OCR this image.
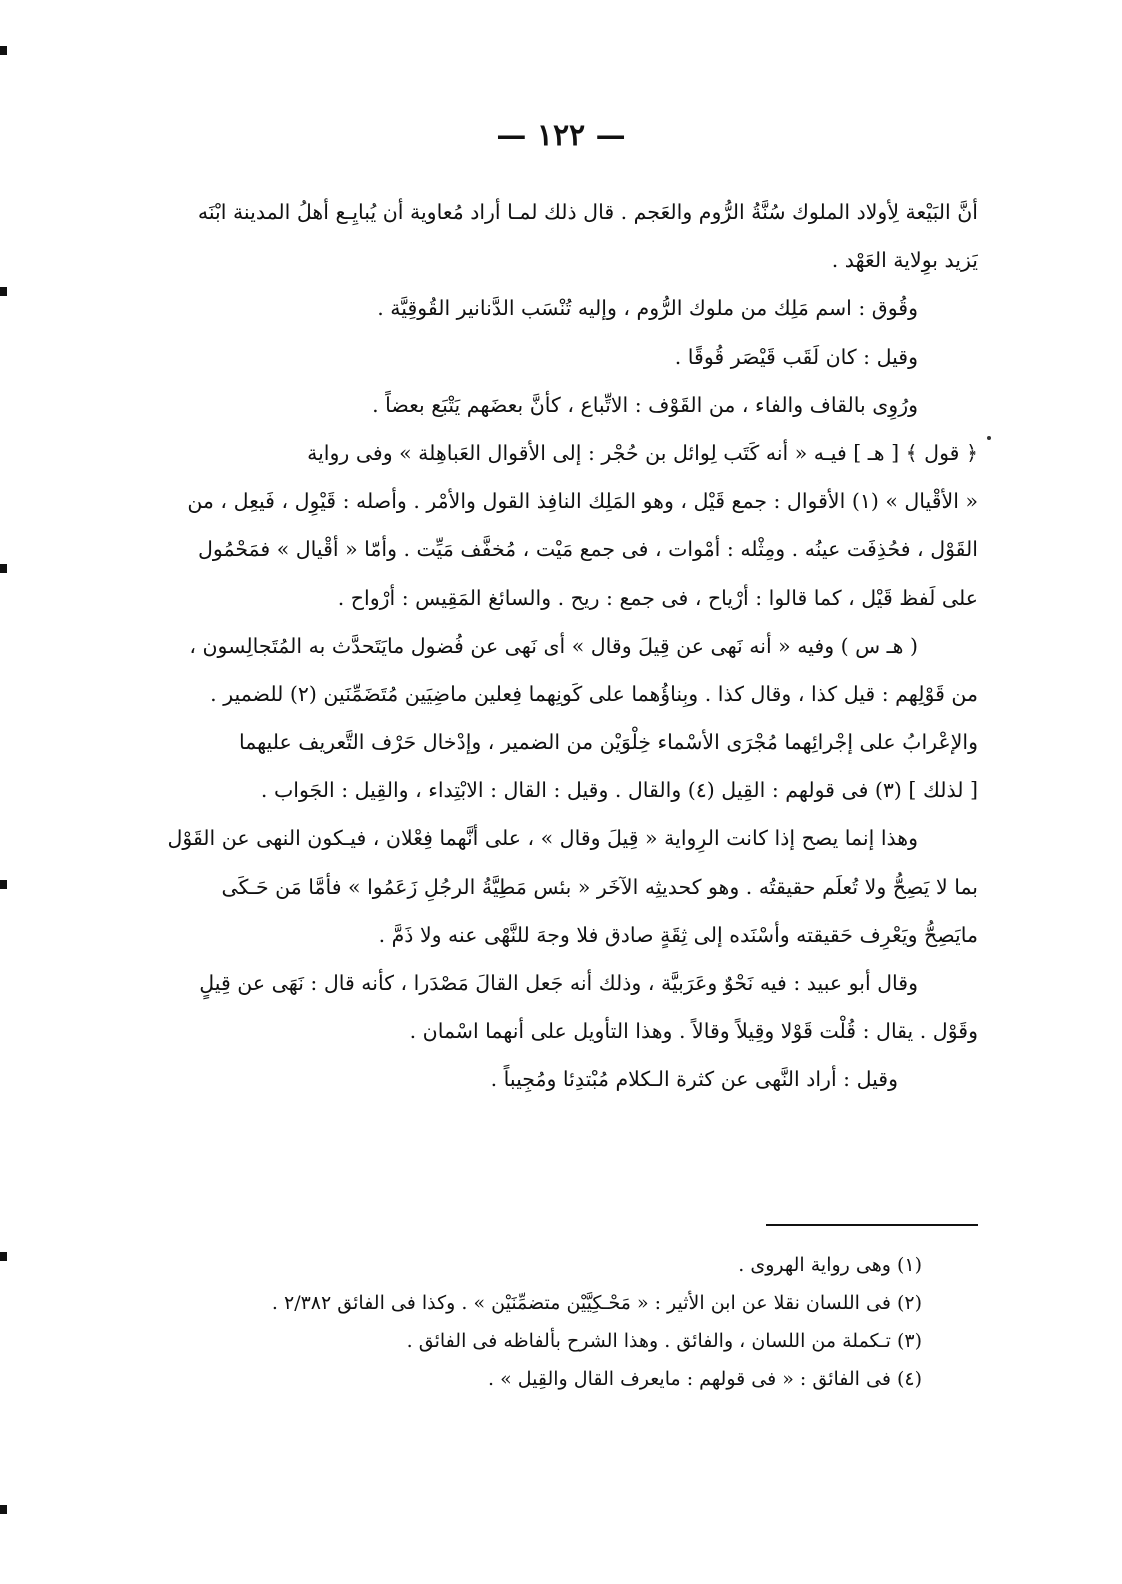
— ١٢٢ —
أنَّ البَيْعة لِأولاد الملوك سُنَّةُ الرُّوم والعَجم . قال ذلك لمـا أراد مُعاوية أن يُبايِـع أهلُ المدينة ابْنَه
يَزيد بوِلاية العَهْد .
وقُوق : اسم مَلِك من ملوك الرُّوم ، وإليه تُنْسَب الدَّنانير القُوقِيَّة .
وقيل : كان لَقَب قَيْصَر قُوقًا .
ورُوِى بالقاف والفاء ، من القَوْف : الاتِّباع ، كأنَّ بعضَهم يَتْبَع بعضاً .
﴿ قول ﴾ [ هـ ] فيـه « أنه كَتَب لِوائل بن حُجْر : إلى الأقوال العَباهِلة » وفى رواية
« الأقْيال » (١) الأقوال : جمع قَيْل ، وهو المَلِك النافِذ القول والأمْر . وأصله : قَيْوِل ، فَيعِل ، من
القَوْل ، فحُذِفَت عينُه . ومِثْله : أمْوات ، فى جمع مَيْت ، مُخفَّف مَيِّت . وأمّا « أقْيال » فمَحْمُول
على لَفظ قَيْل ، كما قالوا : أرْياح ، فى جمع : ريح . والسائغ المَقِيس : أرْواح .
( هـ س ) وفيه « أنه نَهى عن قِيلَ وقال » أى نَهى عن فُضول مايَتَحدَّث به المُتَجالِسون ،
من قَوْلِهم : قيل كذا ، وقال كذا . وبِناؤُهما على كَونِهما فِعلين ماضِيَين مُتَضَمِّنَين (٢) للضمير .
والإعْرابُ على إجْرائِهما مُجْرَى الأسْماء خِلْوَيْن من الضمير ، وإدْخال حَرْف التَّعريف عليهما
[ لذلك ] (٣) فى قولهم : القِيل (٤) والقال . وقيل : القال : الابْتِداء ، والقِيل : الجَواب .
وهذا إنما يصح إذا كانت الرِواية « قِيلَ وقال » ، على أنَّهما فِعْلان ، فيـكون النهى عن القَوْل
بما لا يَصِحُّ ولا تُعلَم حقيقتُه . وهو كحديثِه الآخَر « بئس مَطِيَّةُ الرجُلِ زَعَمُوا » فأمَّا مَن حَـكَى
مايَصِحُّ ويَعْرِف حَقيقته وأسْنَده إلى ثِقَةٍ صادق فلا وجهَ للنَّهْى عنه ولا ذَمَّ .
وقال أبو عبيد : فيه نَحْوٌ وعَرَبيَّة ، وذلك أنه جَعل القالَ مَصْدَرا ، كأنه قال : نَهَى عن قِيلٍ
وقَوْل . يقال : قُلْت قَوْلا وقِيلاً وقالاً . وهذا التأويل على أنهما اسْمان .
وقيل : أراد النَّهى عن كثرة الـكلام مُبْتدِئا ومُجِيباً .
(١) وهى رواية الهروى .
(٢) فى اللسان نقلا عن ابن الأثير : « مَحْـكِيَّيْن متضمِّنَيْن » . وكذا فى الفائق ٢/٣٨٢ .
(٣) تـكملة من اللسان ، والفائق . وهذا الشرح بألفاظه فى الفائق .
(٤) فى الفائق : « فى قولهم : مايعرف القال والقِيل » .
